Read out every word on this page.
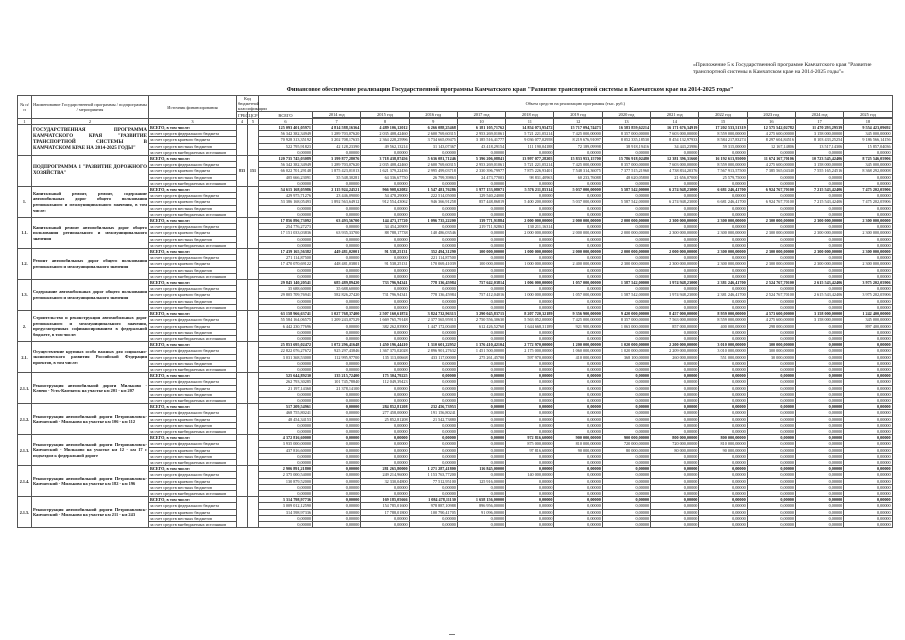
«Приложение 5 к Государственной программе Камчатского края "Развитие транспортной системы в Камчатском крае на 2014-2025 годы"»
Финансовое обеспечение реализации Государственной программы Камчатского края "Развитие транспортной системы в Камчатском крае на 2014-2025 годы"
№ п/п	Наименование Государственной программы / подпрограммы / мероприятия	Источник финансирования	Код бюджетной классификации		Объем средств на реализацию программы (тыс. руб.)												
			ГРБС	ЦСР	ВСЕГО	2014 год	2015 год	2016 год	2017 год	2018 год	2019 год	2020 год	2021 год	2022 год	2023 год	2024 год	2025 год

1	2	3	4	5	6	7	8	9	10	11	12	13	14	15	16	17	18
	ГОСУДАРСТВЕННАЯ ПРОГРАММА КАМЧАТСКОГО КРАЯ "РАЗВИТИЕ ТРАНСПОРТНОЙ СИСТЕМЫ В КАМЧАТСКОМ КРАЕ НА 2014-2025 ГОДЫ"	ВСЕГО, в том числе:			125 093 401,05971	4 814 588,16364	4 489 106,12012	6 266 088,25468	6 181 105,71762	14 854 073,95472	15 717 094,74473	16 583 859,62214	16 171 676,34919	17 202 533,51319	12 575 542,02782	11 470 293,29539	9 554 423,09692
		за счет средств федерального бюджета			56 342 382,34949	1 289 703,07620	2 035 408,42460	2 600 769,60315	2 953 269,01061	5 721 221,05214	7 425 000,00000	8 357 000,00000	7 603 000,00000	8 559 000,00000	4 275 600,00000	3 158 000,00000	345 000,00000
		за счет средств краевого бюджета			70 928 313,35192	3 202 708,17635	2 364 228,25996	3 734 665,09475	3 185 516,41777	9 036 077,02958	8 219 676,91097	8 052 335,18530	8 454 132,97933	8 584 217,83274	8 297 604,84516	8 103 433,25254	9 186 566,14156
		за счет средств местных бюджетов			522 795,91823	42 128,23390	49 562,13214	31 143,07367	43 418,29154	111 190,04188	72 189,09998	38 918,19416	34 443,23986	59 315,00000	12 167,14806	13 517,14306	15 857,04036
		за счет средств внебюджетных источников			0,00000	0,00000	0,00000	0,00000	0,00000	0,00000	0,00000	0,00000	0,00000	0,00000	0,00000	0,00000	0,00000
	ПОДПРОГРАММА 1 "РАЗВИТИЕ ДОРОЖНОГО ХОЗЯЙСТВА"	ВСЕГО, в том числе:	833	151	120 735 745,03089	3 199 877,28076	3 718 438,87456	5 636 081,71246	5 396 206,08841	13 997 077,28205	15 833 953,15700	15 786 918,02480	12 381 396,31660	16 192 613,95000	11 674 167,70106	10 723 545,42406	8 725 546,05906
		за счет средств федерального бюджета			56 342 382,34949	1 289 703,07620	2 035 408,42460	2 600 769,60315	2 953 269,01061	5 721 221,05214	7 425 000,00000	8 357 000,00000	7 603 000,00000	8 559 000,00000	4 275 600,00000	3 158 000,00000	345 000,00000
		за счет средств краевого бюджета			66 022 701,29148	1 875 423,01013	1 621 379,22436	2 995 499,03718	2 330 396,79977	7 875 226,93401	7 548 314,36075	7 377 515,21960	4 738 834,20376	7 567 913,57500	7 385 565,04340	7 555 165,24516	8 368 292,00008
		за счет средств местных бюджетов			405 666,23091	35 548,30281	64 336,67750	26 799,39863	24 473,77003	98 831,40963	60 233,76088	48 620,05800	21 656,07000	25 579,75000	0,00000	0,00000	0,00000
		за счет средств внебюджетных источников			0,00000	0,00000	0,00000	0,00000	0,00000	0,00000	0,00000	0,00000	0,00000	0,00000	0,00000	0,00000	0,00000
1.	Капитальный ремонт, ремонт, содержание автомобильных дорог общего пользования регионального и межмуниципального значения, в том числе:	ВСЕГО, в том числе:			54 615 168,05986	2 115 924,24521	966 908,62082	1 547 481,76286	1 977 153,08071	5 576 211,85314	5 037 000,00000	5 587 542,00000	6 274 948,23000	6 681 246,41700	6 924 767,70100	7 215 543,42406	7 475 202,05906
		за счет средств федерального бюджета			429 975,71276	23 446,09000	54 478,29000	222 514,05000	129 540,24000	0,00000	0,00000	0,00000	0,00000	0,00000	0,00000	0,00000	0,00000
		за счет средств краевого бюджета			53 386 168,05493	1 892 563,64912	912 554,43062	946 366,91258	857 448,86819	5 400 200,00000	5 037 000,00000	5 587 542,00000	6 274 948,23000	6 681 246,41700	6 924 767,70100	7 215 543,42406	7 475 202,05906
		за счет средств местных бюджетов			0,00000	0,00000	0,00000	0,00000	0,00000	0,00000	0,00000	0,00000	0,00000	0,00000	0,00000	0,00000	0,00000
		за счет средств внебюджетных источников			0,00000	0,00000	0,00000	0,00000	0,00000	0,00000	0,00000	0,00000	0,00000	0,00000	0,00000	0,00000	0,00000
1.1.	Капитальный ремонт автомобильных дорог общего пользования регионального и межмуниципального значения	ВСЕГО, в том числе:			17 856 896,73092	63 493,56700	144 473,17720	1 096 735,22200	139 771,91884	2 000 000,00000	2 000 000,00000	2 000 000,00000	2 300 000,00000	2 300 000,00000	2 300 000,00000	2 300 000,00000	2 300 000,00000
		за счет средств федерального бюджета			254 776,27273	0,00000	34 454,20909	0,00000	219 711,92863	130 211,16314	0,00000	0,00000	0,00000	0,00000	0,00000	0,00000	0,00000
		за счет средств краевого бюджета			17 151 033,03836	63 935,33700	88 788,17738	140 486,03546	0,00000	2 000 000,00000	2 000 000,00000	2 000 000,00000	2 300 000,00000	2 300 000,00000	2 300 000,00000	2 300 000,00000	2 300 000,00000
		за счет средств местных бюджетов			0,00000	0,00000	0,00000	0,00000	0,00000	0,00000	0,00000	0,00000	0,00000	0,00000	0,00000	0,00000	0,00000
		за счет средств внебюджетных источников			0,00000	0,00000	0,00000	0,00000	0,00000	0,00000	0,00000	0,00000	0,00000	0,00000	0,00000	0,00000	0,00000
1.2.	Ремонт автомобильных дорог общего пользования регионального и межмуниципального значения	ВСЕГО, в том числе:			17 439 165,56382	449 481,02001	91 538,25131	352 494,31290	100 000,00000	1 000 000,00000	2 000 000,00000	2 000 000,00000	2 000 000,00000	2 300 000,00000	2 300 000,00000	2 300 000,00000	2 300 000,00000
		за счет средств федерального бюджета			271 114,87500	0,00000	0,00000	221 114,87500	0,00000	0,00000	0,00000	0,00000	0,00000	0,00000	0,00000	0,00000	0,00000
		за счет средств краевого бюджета			17 470 070,69122	448 481,03801	91 538,25131	170 069,41039	100 000,00000	1 000 000,00000	2 400 000,00000	2 300 000,00000	2 300 000,00000	2 300 000,00000	2 300 000,00000	2 300 000,00000	2 300 000,00000
		за счет средств местных бюджетов			0,00000	0,00000	0,00000	0,00000	0,00000	0,00000	0,00000	0,00000	0,00000	0,00000	0,00000	0,00000	0,00000
		за счет средств внебюджетных источников			0,00000	0,00000	0,00000	0,00000	0,00000	0,00000	0,00000	0,00000	0,00000	0,00000	0,00000	0,00000	0,00000
1.3.	Содержание автомобильных дорог общего пользования регионального и межмуниципального значения	ВСЕГО, в том числе:			29 845 140,20541	685 489,89420	733 796,94341	778 136,45984	757 642,03814	1 006 000,00000	1 057 000,00000	1 587 542,00000	1 974 948,23000	2 381 246,41700	2 524 767,70100	2 615 543,42406	3 975 202,05906
		за счет средств федерального бюджета			35 688,60000	35 688,60000	0,00000	0,00000	0,00000	0,00000	0,00000	0,00000	0,00000	0,00000	0,00000	0,00000	0,00000
		за счет средств краевого бюджета			29 805 709,76941	582 826,27420	731 796,94341	778 136,45984	757 412,04016	1 000 000,00000	1 057 000,00000	1 587 542,00000	1 974 948,23000	2 381 246,41700	2 524 767,70100	2 615 543,42406	3 975 202,05906
		за счет средств местных бюджетов			0,00000	0,00000	0,00000	0,00000	0,00000	0,00000	0,00000	0,00000	0,00000	0,00000	0,00000	0,00000	0,00000
		за счет средств внебюджетных источников			0,00000	0,00000	0,00000	0,00000	0,00000	0,00000	0,00000	0,00000	0,00000	0,00000	0,00000	0,00000	0,00000
2.	Строительство и реконструкция автомобильных дорог регионального и межмуниципального значения, предусмотренных софинансированием в федеральной бюджете, в том числе:	ВСЕГО, в том числе:			63 158 966,63741	1 027 768,37400	2 507 160,61874	3 824 732,96313	3 290 045,83715	8 207 720,32189	9 356 900,00000	9 420 000,00000	8 457 000,00000	8 959 000,00000	4 573 600,00000	3 158 000,00000	1 242 400,00000
		за счет средств федерального бюджета			55 584 164,06575	1 209 243,07529	1 669 765,79148	2 377 565,95913	2 750 556,30630	5 563 052,00000	7 425 000,00000	8 357 000,00000	7 563 000,00000	8 559 000,00000	4 275 600,00000	3 158 000,00000	345 000,00000
		за счет средств краевого бюджета			6 442 230,77696	0,00000	382 262,83900	1 447 172,00400	612 426,52760	1 644 668,31189	921 900,00000	1 063 000,00000	857 000,00000	400 000,00000	298 000,00000	0,00000	897 400,00000
		за счет средств местных бюджетов			0,00000	0,00000	0,00000	0,00000	0,00000	0,00000	0,00000	0,00000	0,00000	0,00000	0,00000	0,00000	0,00000
		за счет средств внебюджетных источников			0,00000	0,00000	0,00000	0,00000	0,00000	0,00000	0,00000	0,00000	0,00000	0,00000	0,00000	0,00000	0,00000
2.1.	Осуществление крупных особо важных для социально-экономического развития Российской Федерации проектов, в том числе:	ВСЕГО, в том числе:			25 853 695,02472	1 072 296,41648	1 450 196,44410	1 310 601,22952	1 376 410,42104	2 772 970,00000	1 200 000,00000	1 020 000,00000	2 200 000,00000	3 010 000,00000	300 000,00000	0,00000	0,00000
		за счет средств федерального бюджета			22 822 076,27672	925 297,43846	1 367 375,02028	2 896 901,27632	1 451 500,00000	2 175 000,00000	1 060 000,00000	1 020 000,00000	2 209 000,00000	3 010 000,00000	300 000,00000	0,00000	0,00000
		за счет средств краевого бюджета			3 031 368,53000	112 995,97700	135 113,00668	433 117,00000	275 261,45700	597 970,00000	410 000,00000	368 100,00000	260 000,00000	551 000,00000	30 000,00000	0,00000	0,00000
		за счет средств местных бюджетов			0,00000	0,00000	0,00000	0,00000	0,00000	0,00000	0,00000	0,00000	0,00000	0,00000	0,00000	0,00000	0,00000
		за счет средств внебюджетных источников			0,00000	0,00000	0,00000	0,00000	0,00000	0,00000	0,00000	0,00000	0,00000	0,00000	0,00000	0,00000	0,00000
2.1.1.	Реконструкция автомобильной дороги Мильково - Ключи - Усть-Камчатск на участке км 201 - км 207	ВСЕГО, в том числе:			525 644,89230	135 215,72400	175 304,79225	0,00000	0,00000	0,00000	0,00000	0,00000	0,00000	0,00000	0,00000	0,00000	0,00000
		за счет средств федерального бюджета			262 793,30285	101 745,78840	112 049,39423	0,00000	0,00000	0,00000	0,00000	0,00000	0,00000	0,00000	0,00000	0,00000	0,00000
		за счет средств краевого бюджета			21 197,14360	21 378,14100	0,00000	0,00000	0,00000	0,00000	0,00000	0,00000	0,00000	0,00000	0,00000	0,00000	0,00000
		за счет средств местных бюджетов			0,00000	0,00000	0,00000	0,00000	0,00000	0,00000	0,00000	0,00000	0,00000	0,00000	0,00000	0,00000	0,00000
		за счет средств внебюджетных источников			0,00000	0,00000	0,00000	0,00000	0,00000	0,00000	0,00000	0,00000	0,00000	0,00000	0,00000	0,00000	0,00000
2.1.2.	Реконструкция автомобильной дороги Петропавловск-Камчатский - Мильково на участке км 106 - км 112	ВСЕГО, в том числе:			517 209,54961	0,00000	284 852,81208	232 456,73953	0,00000	0,00000	0,00000	0,00000	0,00000	0,00000	0,00000	0,00000	0,00000
		за счет средств федерального бюджета			468 755,80241	0,00000	277 458,00000	191 156,80241	0,00000	0,00000	0,00000	0,00000	0,00000	0,00000	0,00000	0,00000	0,00000
		за счет средств краевого бюджета			48 454,34153	0,00000	25 852,81208	21 542,73880	0,00000	0,00000	0,00000	0,00000	0,00000	0,00000	0,00000	0,00000	0,00000
		за счет средств местных бюджетов			0,00000	0,00000	0,00000	0,00000	0,00000	0,00000	0,00000	0,00000	0,00000	0,00000	0,00000	0,00000	0,00000
		за счет средств внебюджетных источников			0,00000	0,00000	0,00000	0,00000	0,00000	0,00000	0,00000	0,00000	0,00000	0,00000	0,00000	0,00000	0,00000
2.1.3.	Реконструкция автомобильной дороги Петропавловск-Камчатский - Мильково на участке км 12 - км 17 с подъездом к федеральной дороге	ВСЕГО, в том числе:			4 372 816,60000	0,00000	0,00000	0,00000	0,00000	972 816,60000	900 000,00000	900 000,00000	800 000,00000	800 000,00000	0,00000	0,00000	0,00000
		за счет средств федерального бюджета			3 935 000,00000	0,00000	0,00000	0,00000	0,00000	875 000,00000	810 000,00000	720 000,00000	720 000,00000	810 000,00000	0,00000	0,00000	0,00000
		за счет средств краевого бюджета			437 816,60000	0,00000	0,00000	0,00000	0,00000	97 816,60000	90 000,00000	80 000,00000	80 000,00000	90 000,00000	0,00000	0,00000	0,00000
		за счет средств местных бюджетов			0,00000	0,00000	0,00000	0,00000	0,00000	0,00000	0,00000	0,00000	0,00000	0,00000	0,00000	0,00000	0,00000
		за счет средств внебюджетных источников			0,00000	0,00000	0,00000	0,00000	0,00000	0,00000	0,00000	0,00000	0,00000	0,00000	0,00000	0,00000	0,00000
2.1.4.	Реконструкция автомобильной дороги Петропавловск-Камчатский - Мильково на участке км 182 - км 196	ВСЕГО, в том числе:			2 906 891,21800	0,00000	281 265,80000	1 271 287,41800	116 845,00000	0,00000	0,00000	0,00000	0,00000	0,00000	0,00000	0,00000	0,00000
		за счет средств федерального бюджета			2 375 000,54000	0,00000	249 214,96000	1 153 763,77200	0,00000	140 000,00000	0,00000	0,00000	0,00000	0,00000	0,00000	0,00000	0,00000
		за счет средств краевого бюджета			130 879,52000	0,00000	32 330,04800	77 512,95100	125 916,00000	0,00000	0,00000	0,00000	0,00000	0,00000	0,00000	0,00000	0,00000
		за счет средств местных бюджетов			0,00000	0,00000	0,00000	0,00000	0,00000	0,00000	0,00000	0,00000	0,00000	0,00000	0,00000	0,00000	0,00000
		за счет средств внебюджетных источников			0,00000	0,00000	0,00000	0,00000	0,00000	0,00000	0,00000	0,00000	0,00000	0,00000	0,00000	0,00000	0,00000
2.1.5.	Реконструкция автомобильной дороги Петропавловск-Камчатский - Мильково на участке км 211 - км 243	ВСЕГО, в том числе:			3 314 798,97736	0,00000	169 185,05666	1 084 478,11130	1 658 156,00000	0,00000	0,00000	0,00000	0,00000	0,00000	0,00000	0,00000	0,00000
		за счет средств федерального бюджета			3 009 012,12590	0,00000	154 785,01600	978 887,10988	896 956,00000	0,00000	0,00000	0,00000	0,00000	0,00000	0,00000	0,00000	0,00000
		за счет средств краевого бюджета			314 598,97336	0,00000	17 788,01800	100 790,41705	91 096,00000	0,00000	0,00000	0,00000	0,00000	0,00000	0,00000	0,00000	0,00000
		за счет средств местных бюджетов			0,00000	0,00000	0,00000	0,00000	0,00000	0,00000	0,00000	0,00000	0,00000	0,00000	0,00000	0,00000	0,00000
		за счет средств внебюджетных источников			0,00000	0,00000	0,00000	0,00000	0,00000	0,00000	0,00000	0,00000	0,00000	0,00000	0,00000	0,00000	0,00000
